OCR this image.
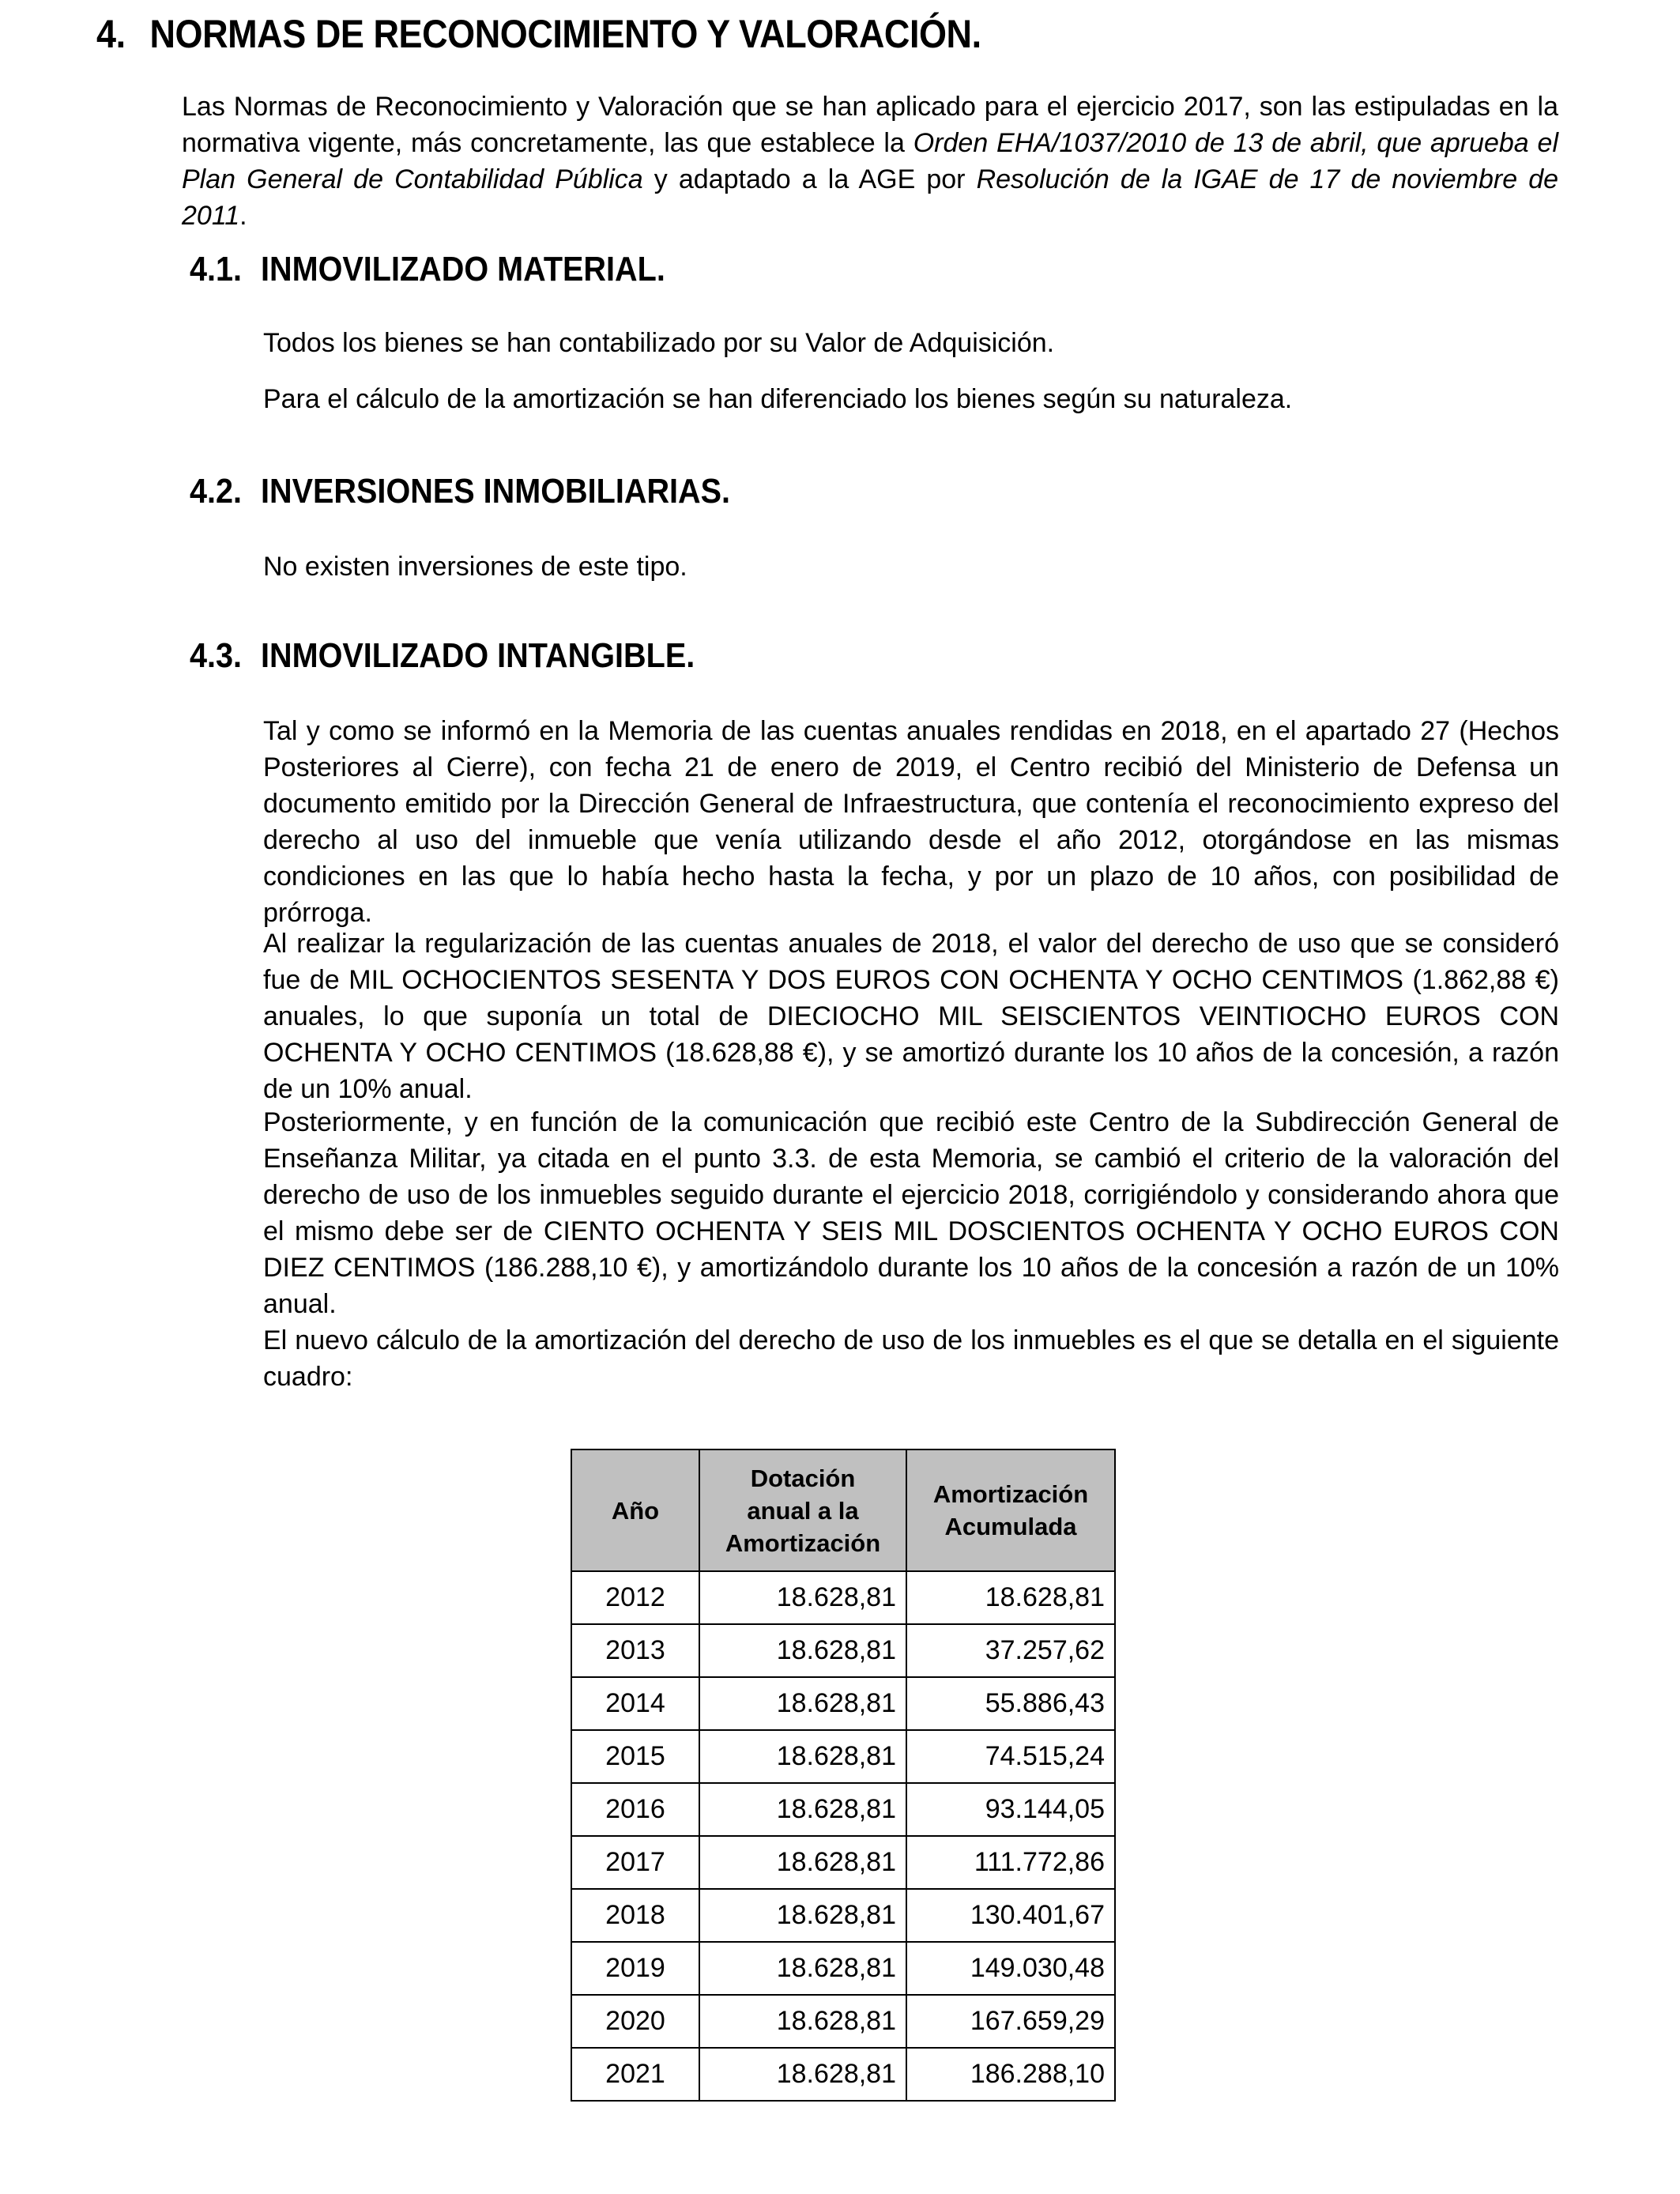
4. NORMAS DE RECONOCIMIENTO Y VALORACIÓN.
Las Normas de Reconocimiento y Valoración que se han aplicado para el ejercicio 2017, son las estipuladas en la normativa vigente, más concretamente, las que establece la Orden EHA/1037/2010 de 13 de abril, que aprueba el Plan General de Contabilidad Pública y adaptado a la AGE por Resolución de la IGAE de 17 de noviembre de 2011.
4.1. INMOVILIZADO MATERIAL.
Todos los bienes se han contabilizado por su Valor de Adquisición.
Para el cálculo de la amortización se han diferenciado los bienes según su naturaleza.
4.2. INVERSIONES INMOBILIARIAS.
No existen inversiones de este tipo.
4.3. INMOVILIZADO INTANGIBLE.
Tal y como se informó en la Memoria de las cuentas anuales rendidas en 2018, en el apartado 27 (Hechos Posteriores al Cierre), con fecha 21 de enero de 2019, el Centro recibió del Ministerio de Defensa un documento emitido por la Dirección General de Infraestructura, que contenía el reconocimiento expreso del derecho al uso del inmueble que venía utilizando desde el año 2012, otorgándose en las mismas condiciones en las que lo había hecho hasta la fecha, y por un plazo de 10 años, con posibilidad de prórroga.
Al realizar la regularización de las cuentas anuales de 2018, el valor del derecho de uso que se consideró fue de MIL OCHOCIENTOS SESENTA Y DOS EUROS CON OCHENTA Y OCHO CENTIMOS (1.862,88 €) anuales, lo que suponía un total de DIECIOCHO MIL SEISCIENTOS VEINTIOCHO EUROS CON OCHENTA Y OCHO CENTIMOS (18.628,88 €), y se amortizó durante los 10 años de la concesión, a razón de un 10% anual.
Posteriormente, y en función de la comunicación que recibió este Centro de la Subdirección General de Enseñanza Militar, ya citada en el punto 3.3. de esta Memoria, se cambió el criterio de la valoración del derecho de uso de los inmuebles seguido durante el ejercicio 2018, corrigiéndolo y considerando ahora que el mismo debe ser de CIENTO OCHENTA Y SEIS MIL DOSCIENTOS OCHENTA Y OCHO EUROS CON DIEZ CENTIMOS (186.288,10 €), y amortizándolo durante los 10 años de la concesión a razón de un 10% anual.
El nuevo cálculo de la amortización del derecho de uso de los inmuebles es el que se detalla en el siguiente cuadro:
Año	Dotación anual a la Amortización	Amortización Acumulada

2012	18.628,81	18.628,81
2013	18.628,81	37.257,62
2014	18.628,81	55.886,43
2015	18.628,81	74.515,24
2016	18.628,81	93.144,05
2017	18.628,81	111.772,86
2018	18.628,81	130.401,67
2019	18.628,81	149.030,48
2020	18.628,81	167.659,29
2021	18.628,81	186.288,10
